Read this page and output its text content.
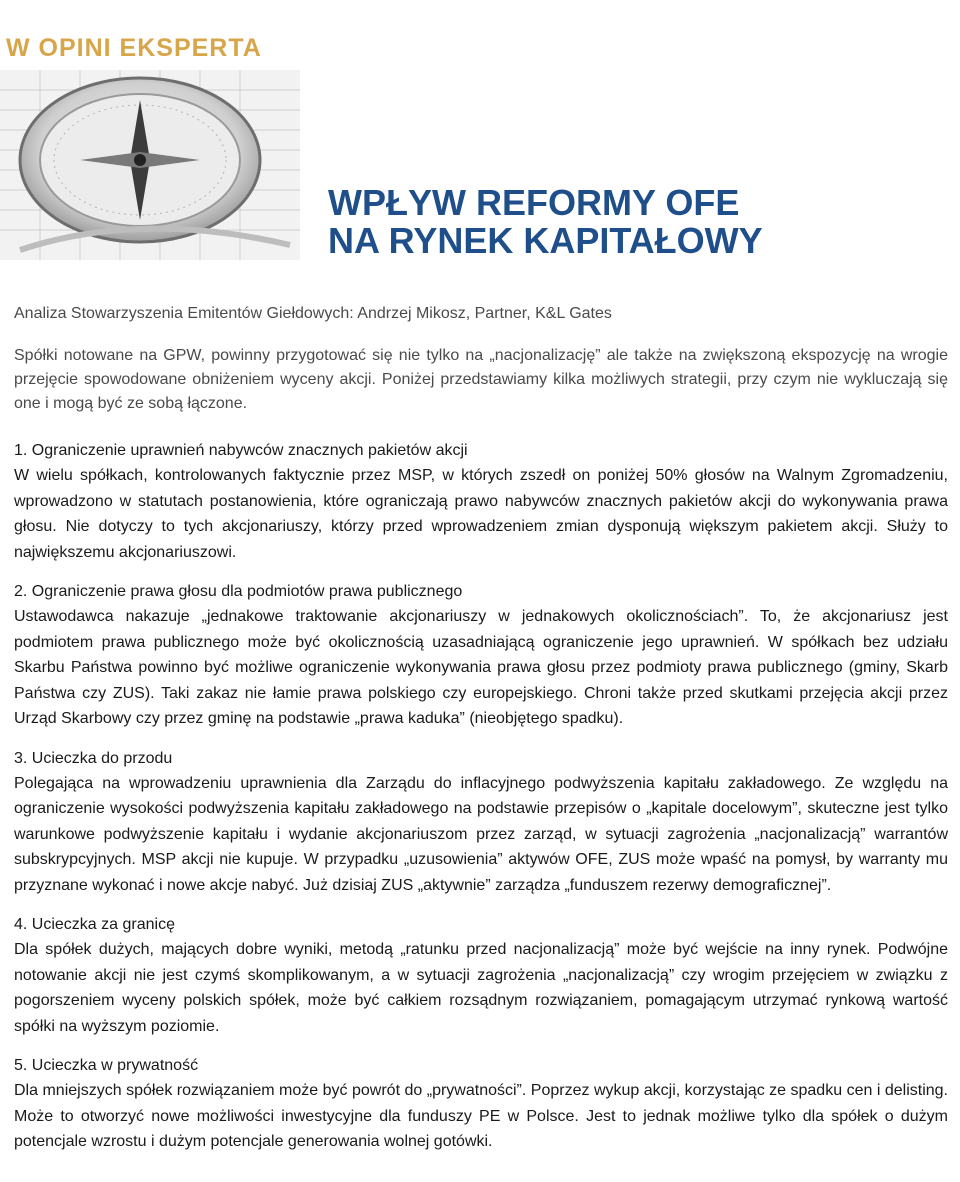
W OPINI EKSPERTA
WPŁYW REFORMY OFE
NA RYNEK KAPITAŁOWY

Analiza Stowarzyszenia Emitentów Giełdowych: Andrzej Mikosz, Partner, K&L Gates

Spółki notowane na GPW, powinny przygotować się nie tylko na „nacjonalizację” ale także na zwiększoną ekspozycję na wrogie przejęcie spowodowane obniżeniem wyceny akcji. Poniżej przedstawiamy kilka możliwych strategii, przy czym nie wykluczają się one i mogą być ze sobą łączone.

1. Ograniczenie uprawnień nabywców znacznych pakietów akcji
W wielu spółkach, kontrolowanych faktycznie przez MSP, w których zszedł on poniżej 50% głosów na Walnym Zgromadzeniu, wprowadzono w statutach postanowienia, które ograniczają prawo nabywców znacznych pakietów akcji do wykonywania prawa głosu. Nie dotyczy to tych akcjonariuszy, którzy przed wprowadzeniem zmian dysponują większym pakietem akcji. Służy to największemu akcjonariuszowi.
2. Ograniczenie prawa głosu dla podmiotów prawa publicznego
Ustawodawca nakazuje „jednakowe traktowanie akcjonariuszy w jednakowych okolicznościach”. To, że akcjonariusz jest podmiotem prawa publicznego może być okolicznością uzasadniającą ograniczenie jego uprawnień. W spółkach bez udziału Skarbu Państwa powinno być możliwe ograniczenie wykonywania prawa głosu przez podmioty prawa publicznego (gminy, Skarb Państwa czy ZUS). Taki zakaz nie łamie prawa polskiego czy europejskiego. Chroni także przed skutkami przejęcia akcji przez Urząd Skarbowy czy przez gminę na podstawie „prawa kaduka” (nieobjętego spadku).
3. Ucieczka do przodu
Polegająca na wprowadzeniu uprawnienia dla Zarządu do inflacyjnego podwyższenia kapitału zakładowego. Ze względu na ograniczenie wysokości podwyższenia kapitału zakładowego na podstawie przepisów o „kapitale docelowym”, skuteczne jest tylko warunkowe podwyższenie kapitału i wydanie akcjonariuszom przez zarząd, w sytuacji zagrożenia „nacjonalizacją” warrantów subskrypcyjnych. MSP akcji nie kupuje. W przypadku „uzusowienia” aktywów OFE, ZUS może wpaść na pomysł, by warranty mu przyznane wykonać i nowe akcje nabyć. Już dzisiaj ZUS „aktywnie” zarządza „funduszem rezerwy demograficznej”.
4. Ucieczka za granicę
Dla spółek dużych, mających dobre wyniki, metodą „ratunku przed nacjonalizacją” może być wejście na inny rynek. Podwójne notowanie akcji nie jest czymś skomplikowanym, a w sytuacji zagrożenia „nacjonalizacją” czy wrogim przejęciem w związku z pogorszeniem wyceny polskich spółek, może być całkiem rozsądnym rozwiązaniem, pomagającym utrzymać rynkową wartość spółki na wyższym poziomie.
5. Ucieczka w prywatność
Dla mniejszych spółek rozwiązaniem może być powrót do „prywatności”. Poprzez wykup akcji, korzystając ze spadku cen i delisting. Może to otworzyć nowe możliwości inwestycyjne dla funduszy PE w Polsce. Jest to jednak możliwe tylko dla spółek o dużym potencjale wzrostu i dużym potencjale generowania wolnej gotówki.
